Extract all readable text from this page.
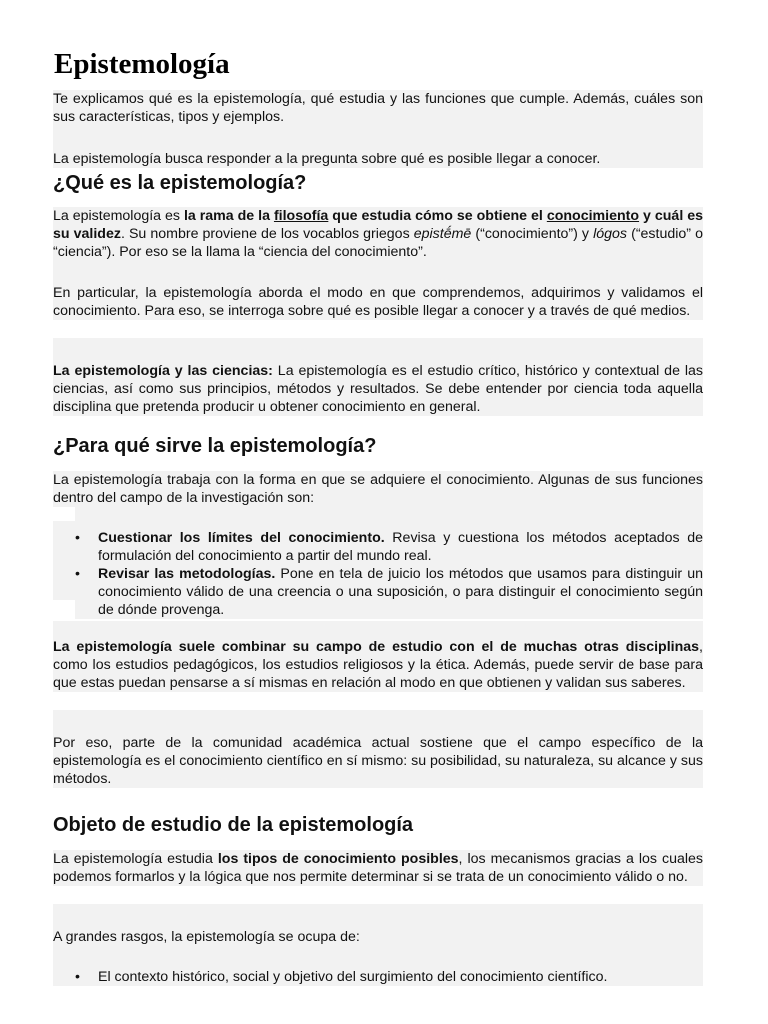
Epistemología

Te explicamos qué es la epistemología, qué estudia y las funciones que cumple. Además, cuáles son sus características, tipos y ejemplos.

La epistemología busca responder a la pregunta sobre qué es posible llegar a conocer.

¿Qué es la epistemología?

La epistemología es la rama de la filosofía que estudia cómo se obtiene el conocimiento y cuál es su validez. Su nombre proviene de los vocablos griegos epistḗmē (“conocimiento”) y lógos (“estudio” o “ciencia”). Por eso se la llama la “ciencia del conocimiento”.

En particular, la epistemología aborda el modo en que comprendemos, adquirimos y validamos el conocimiento. Para eso, se interroga sobre qué es posible llegar a conocer y a través de qué medios.

La epistemología y las ciencias: La epistemología es el estudio crítico, histórico y contextual de las ciencias, así como sus principios, métodos y resultados. Se debe entender por ciencia toda aquella disciplina que pretenda producir u obtener conocimiento en general.

¿Para qué sirve la epistemología?

La epistemología trabaja con la forma en que se adquiere el conocimiento. Algunas de sus funciones dentro del campo de la investigación son:

• Cuestionar los límites del conocimiento. Revisa y cuestiona los métodos aceptados de formulación del conocimiento a partir del mundo real.
• Revisar las metodologías. Pone en tela de juicio los métodos que usamos para distinguir un conocimiento válido de una creencia o una suposición, o para distinguir el conocimiento según de dónde provenga.

La epistemología suele combinar su campo de estudio con el de muchas otras disciplinas, como los estudios pedagógicos, los estudios religiosos y la ética. Además, puede servir de base para que estas puedan pensarse a sí mismas en relación al modo en que obtienen y validan sus saberes.

Por eso, parte de la comunidad académica actual sostiene que el campo específico de la epistemología es el conocimiento científico en sí mismo: su posibilidad, su naturaleza, su alcance y sus métodos.

Objeto de estudio de la epistemología

La epistemología estudia los tipos de conocimiento posibles, los mecanismos gracias a los cuales podemos formarlos y la lógica que nos permite determinar si se trata de un conocimiento válido o no.

A grandes rasgos, la epistemología se ocupa de:

• El contexto histórico, social y objetivo del surgimiento del conocimiento científico.
